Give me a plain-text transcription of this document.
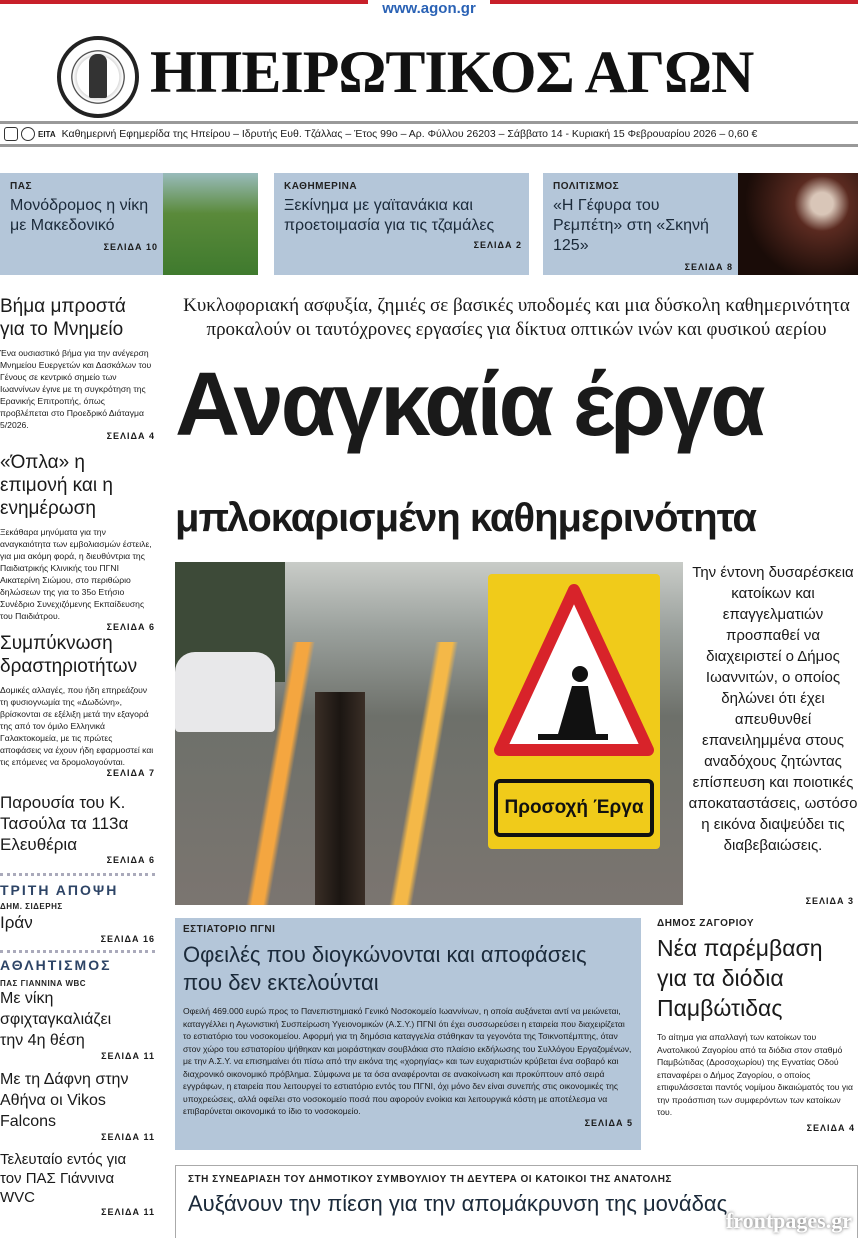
www.agon.gr
ΗΠΕΙΡΩΤΙΚΟΣ ΑΓΩΝ
ΕΙΤΑ Καθημερινή Εφημερίδα της Ηπείρου – Ιδρυτής Ευθ. Τζάλλας – Έτος 99ο – Αρ. Φύλλου 26203 – Σάββατο 14 - Κυριακή 15 Φεβρουαρίου 2026 – 0,60 €
ΠΑΣ
Μονόδρομος η νίκη με Μακεδονικό
ΣΕΛΙΔΑ 10
ΚΑΘΗΜΕΡΙΝΑ
Ξεκίνημα με γαϊτανάκια και προετοιμασία για τις τζαμάλες
ΣΕΛΙΔΑ 2
ΠΟΛΙΤΙΣΜΟΣ
«Η Γέφυρα του Ρεμπέτη» στη «Σκηνή 125»
ΣΕΛΙΔΑ 8
Βήμα μπροστά για το Μνημείο

Ένα ουσιαστικό βήμα για την ανέγερση Μνημείου Ευεργετών και Δασκάλων του Γένους σε κεντρικό σημείο των Ιωαννίνων έγινε με τη συγκρότηση της Ερανικής Επιτροπής, όπως προβλέπεται στο Προεδρικό Διάταγμα 5/2026.

ΣΕΛΙΔΑ 4
«Όπλα» η επιμονή και η ενημέρωση

Ξεκάθαρα μηνύματα για την αναγκαιότητα των εμβολιασμών έστειλε, για μια ακόμη φορά, η διευθύντρια της Παιδιατρικής Κλινικής του ΠΓΝΙ Αικατερίνη Σιώμου, στο περιθώριο δηλώσεων της για το 35ο Ετήσιο Συνέδριο Συνεχιζόμενης Εκπαίδευσης του Παιδιάτρου.

ΣΕΛΙΔΑ 6
Συμπύκνωση δραστηριοτήτων

Δομικές αλλαγές, που ήδη επηρεάζουν τη φυσιογνωμία της «Δωδώνη», βρίσκονται σε εξέλιξη μετά την εξαγορά της από τον όμιλο Ελληνικά Γαλακτοκομεία, με τις πρώτες αποφάσεις να έχουν ήδη εφαρμοστεί και τις επόμενες να δρομολογούνται.

ΣΕΛΙΔΑ 7
Παρουσία του Κ. Τασούλα τα 113α Ελευθέρια
ΣΕΛΙΔΑ 6
ΤΡΙΤΗ ΑΠΟΨΗ
ΔΗΜ. ΣΙΔΕΡΗΣ
Ιράν
ΣΕΛΙΔΑ 16
ΑΘΛΗΤΙΣΜΟΣ
ΠΑΣ ΓΙΑΝΝΙΝΑ WBC
Με νίκη σφιχταγκαλιάζει την 4η θέση
ΣΕΛΙΔΑ 11
Με τη Δάφνη στην Αθήνα οι Vikos Falcons
ΣΕΛΙΔΑ 11
Τελευταίο εντός για τον ΠΑΣ Γιάννινα WVC
ΣΕΛΙΔΑ 11
Κυκλοφοριακή ασφυξία, ζημιές σε βασικές υποδομές και μια δύσκολη καθημερινότητα προκαλούν οι ταυτόχρονες εργασίες για δίκτυα οπτικών ινών και φυσικού αερίου
Αναγκαία έργα
μπλοκαρισμένη καθημερινότητα
Προσοχή Έργα
Την έντονη δυσαρέσκεια κατοίκων και επαγγελματιών προσπαθεί να διαχειριστεί ο Δήμος Ιωαννιτών, ο οποίος δηλώνει ότι έχει απευθυνθεί επανειλημμένα στους αναδόχους ζητώντας επίσπευση και ποιοτικές αποκαταστάσεις, ωστόσο η εικόνα διαψεύδει τις διαβεβαιώσεις.
ΣΕΛΙΔΑ 3
ΕΣΤΙΑΤΟΡΙΟ ΠΓΝΙ
Οφειλές που διογκώνονται και αποφάσεις που δεν εκτελούνται

Οφειλή 469.000 ευρώ προς το Πανεπιστημιακό Γενικό Νοσοκομείο Ιωαννίνων, η οποία αυξάνεται αντί να μειώνεται, καταγγέλλει η Αγωνιστική Συσπείρωση Υγειονομικών (Α.Σ.Υ.) ΠΓΝΙ ότι έχει συσσωρεύσει η εταιρεία που διαχειρίζεται το εστιατόριο του νοσοκομείου. Αφορμή για τη δημόσια καταγγελία στάθηκαν τα γεγονότα της Τσικνοπέμπτης, όταν στον χώρο του εστιατορίου ψήθηκαν και μοιράστηκαν σουβλάκια στο πλαίσιο εκδήλωσης του Συλλόγου Εργαζομένων, με την Α.Σ.Υ. να επισημαίνει ότι πίσω από την εικόνα της «χορηγίας» και των ευχαριστιών κρύβεται ένα σοβαρό και διαχρονικό οικονομικό πρόβλημα. Σύμφωνα με τα όσα αναφέρονται σε ανακοίνωση και προκύπτουν από σειρά εγγράφων, η εταιρεία που λειτουργεί το εστιατόριο εντός του ΠΓΝΙ, όχι μόνο δεν είναι συνεπής στις οικονομικές της υποχρεώσεις, αλλά οφείλει στο νοσοκομείο ποσά που αφορούν ενοίκια και λειτουργικά κόστη με αποτέλεσμα να επιβαρύνεται οικονομικά το ίδιο το νοσοκομείο.

ΣΕΛΙΔΑ 5
ΔΗΜΟΣ ΖΑΓΟΡΙΟΥ
Νέα παρέμβαση για τα διόδια Παμβώτιδας

Το αίτημα για απαλλαγή των κατοίκων του Ανατολικού Ζαγορίου από τα διόδια στον σταθμό Παμβώτιδας (Δροσοχωρίου) της Εγνατίας Οδού επαναφέρει ο Δήμος Ζαγορίου, ο οποίος επιφυλάσσεται παντός νομίμου δικαιώματός του για την προάσπιση των συμφερόντων των κατοίκων του.

ΣΕΛΙΔΑ 4
ΣΤΗ ΣΥΝΕΔΡΙΑΣΗ ΤΟΥ ΔΗΜΟΤΙΚΟΥ ΣΥΜΒΟΥΛΙΟΥ ΤΗ ΔΕΥΤΕΡΑ ΟΙ ΚΑΤΟΙΚΟΙ ΤΗΣ ΑΝΑΤΟΛΗΣ
Αυξάνουν την πίεση για την απομάκρυνση της μονάδας
frontpages.gr
